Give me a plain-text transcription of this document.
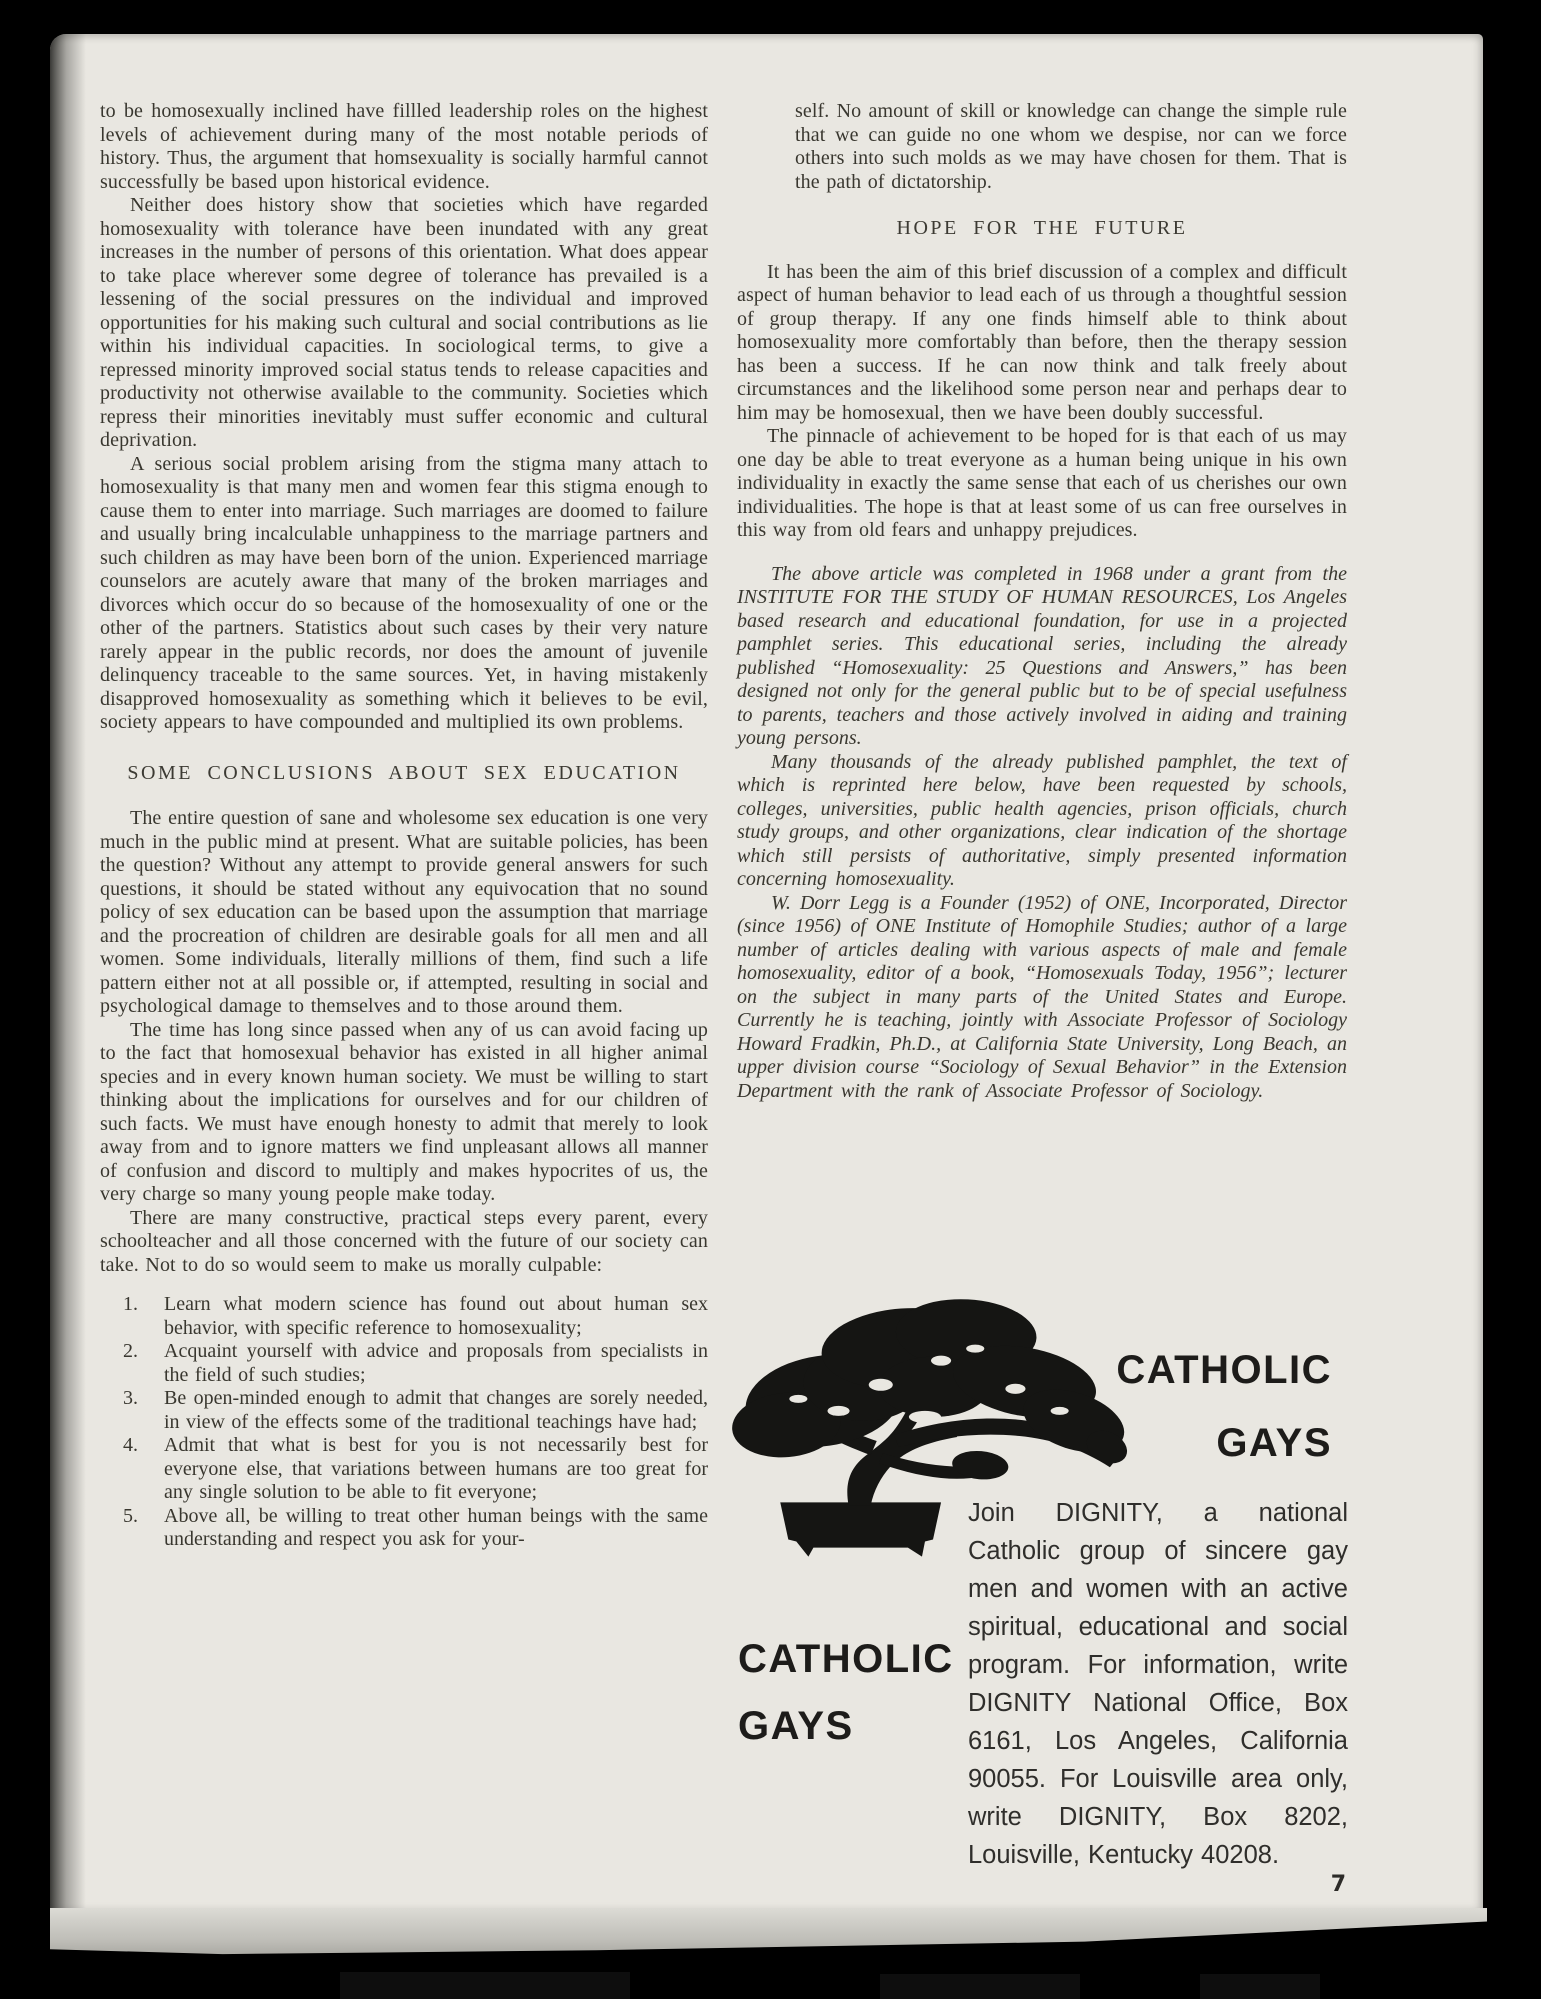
to be homosexually inclined have fillled leadership roles on the highest levels of achievement during many of the most notable periods of history. Thus, the argument that homsexuality is socially harmful cannot successfully be based upon historical evidence.

Neither does history show that societies which have regarded homosexuality with tolerance have been inundated with any great increases in the number of persons of this orientation. What does appear to take place wherever some degree of tolerance has prevailed is a lessening of the social pressures on the individual and improved opportunities for his making such cultural and social contributions as lie within his individual capacities. In sociological terms, to give a repressed minority improved social status tends to release capacities and productivity not otherwise available to the community. Societies which repress their minorities inevitably must suffer economic and cultural deprivation.

A serious social problem arising from the stigma many attach to homosexuality is that many men and women fear this stigma enough to cause them to enter into marriage. Such marriages are doomed to failure and usually bring incalculable unhappiness to the marriage partners and such children as may have been born of the union. Experienced marriage counselors are acutely aware that many of the broken marriages and divorces which occur do so because of the homosexuality of one or the other of the partners. Statistics about such cases by their very nature rarely appear in the public records, nor does the amount of juvenile delinquency traceable to the same sources. Yet, in having mistakenly disapproved homosexuality as something which it believes to be evil, society appears to have compounded and multiplied its own problems.

SOME CONCLUSIONS ABOUT SEX EDUCATION

The entire question of sane and wholesome sex education is one very much in the public mind at present. What are suitable policies, has been the question? Without any attempt to provide general answers for such questions, it should be stated without any equivocation that no sound policy of sex education can be based upon the assumption that marriage and the procreation of children are desirable goals for all men and all women. Some individuals, literally millions of them, find such a life pattern either not at all possible or, if attempted, resulting in social and psychological damage to themselves and to those around them.

The time has long since passed when any of us can avoid facing up to the fact that homosexual behavior has existed in all higher animal species and in every known human society. We must be willing to start thinking about the implications for ourselves and for our children of such facts. We must have enough honesty to admit that merely to look away from and to ignore matters we find unpleasant allows all manner of confusion and discord to multiply and makes hypocrites of us, the very charge so many young people make today.

There are many constructive, practical steps every parent, every schoolteacher and all those concerned with the future of our society can take. Not to do so would seem to make us morally culpable:

1. Learn what modern science has found out about human sex behavior, with specific reference to homosexuality;
2. Acquaint yourself with advice and proposals from specialists in the field of such studies;
3. Be open-minded enough to admit that changes are sorely needed, in view of the effects some of the traditional teachings have had;
4. Admit that what is best for you is not necessarily best for everyone else, that variations between humans are too great for any single solution to be able to fit everyone;
5. Above all, be willing to treat other human beings with the same understanding and respect you ask for your-

self. No amount of skill or knowledge can change the simple rule that we can guide no one whom we despise, nor can we force others into such molds as we may have chosen for them. That is the path of dictatorship.

HOPE FOR THE FUTURE

It has been the aim of this brief discussion of a complex and difficult aspect of human behavior to lead each of us through a thoughtful session of group therapy. If any one finds himself able to think about homosexuality more comfortably than before, then the therapy session has been a success. If he can now think and talk freely about circumstances and the likelihood some person near and perhaps dear to him may be homosexual, then we have been doubly successful.

The pinnacle of achievement to be hoped for is that each of us may one day be able to treat everyone as a human being unique in his own individuality in exactly the same sense that each of us cherishes our own individualities. The hope is that at least some of us can free ourselves in this way from old fears and unhappy prejudices.

The above article was completed in 1968 under a grant from the INSTITUTE FOR THE STUDY OF HUMAN RESOURCES, Los Angeles based research and educational foundation, for use in a projected pamphlet series. This educational series, including the already published “Homosexuality: 25 Questions and Answers,” has been designed not only for the general public but to be of special usefulness to parents, teachers and those actively involved in aiding and training young persons.

Many thousands of the already published pamphlet, the text of which is reprinted here below, have been requested by schools, colleges, universities, public health agencies, prison officials, church study groups, and other organizations, clear indication of the shortage which still persists of authoritative, simply presented information concerning homosexuality.

W. Dorr Legg is a Founder (1952) of ONE, Incorporated, Director (since 1956) of ONE Institute of Homophile Studies; author of a large number of articles dealing with various aspects of male and female homosexuality, editor of a book, “Homosexuals Today, 1956”; lecturer on the subject in many parts of the United States and Europe. Currently he is teaching, jointly with Associate Professor of Sociology Howard Fradkin, Ph.D., at California State University, Long Beach, an upper division course “Sociology of Sexual Behavior” in the Extension Department with the rank of Associate Professor of Sociology.

CATHOLIC
GAYS
CATHOLIC
GAYS
Join DIGNITY, a national Catholic group of sincere gay men and women with an active spiritual, educational and social program. For information, write DIGNITY National Office, Box 6161, Los Angeles, California 90055. For Louisville area only, write DIGNITY, Box 8202, Louisville, Kentucky 40208.
7
